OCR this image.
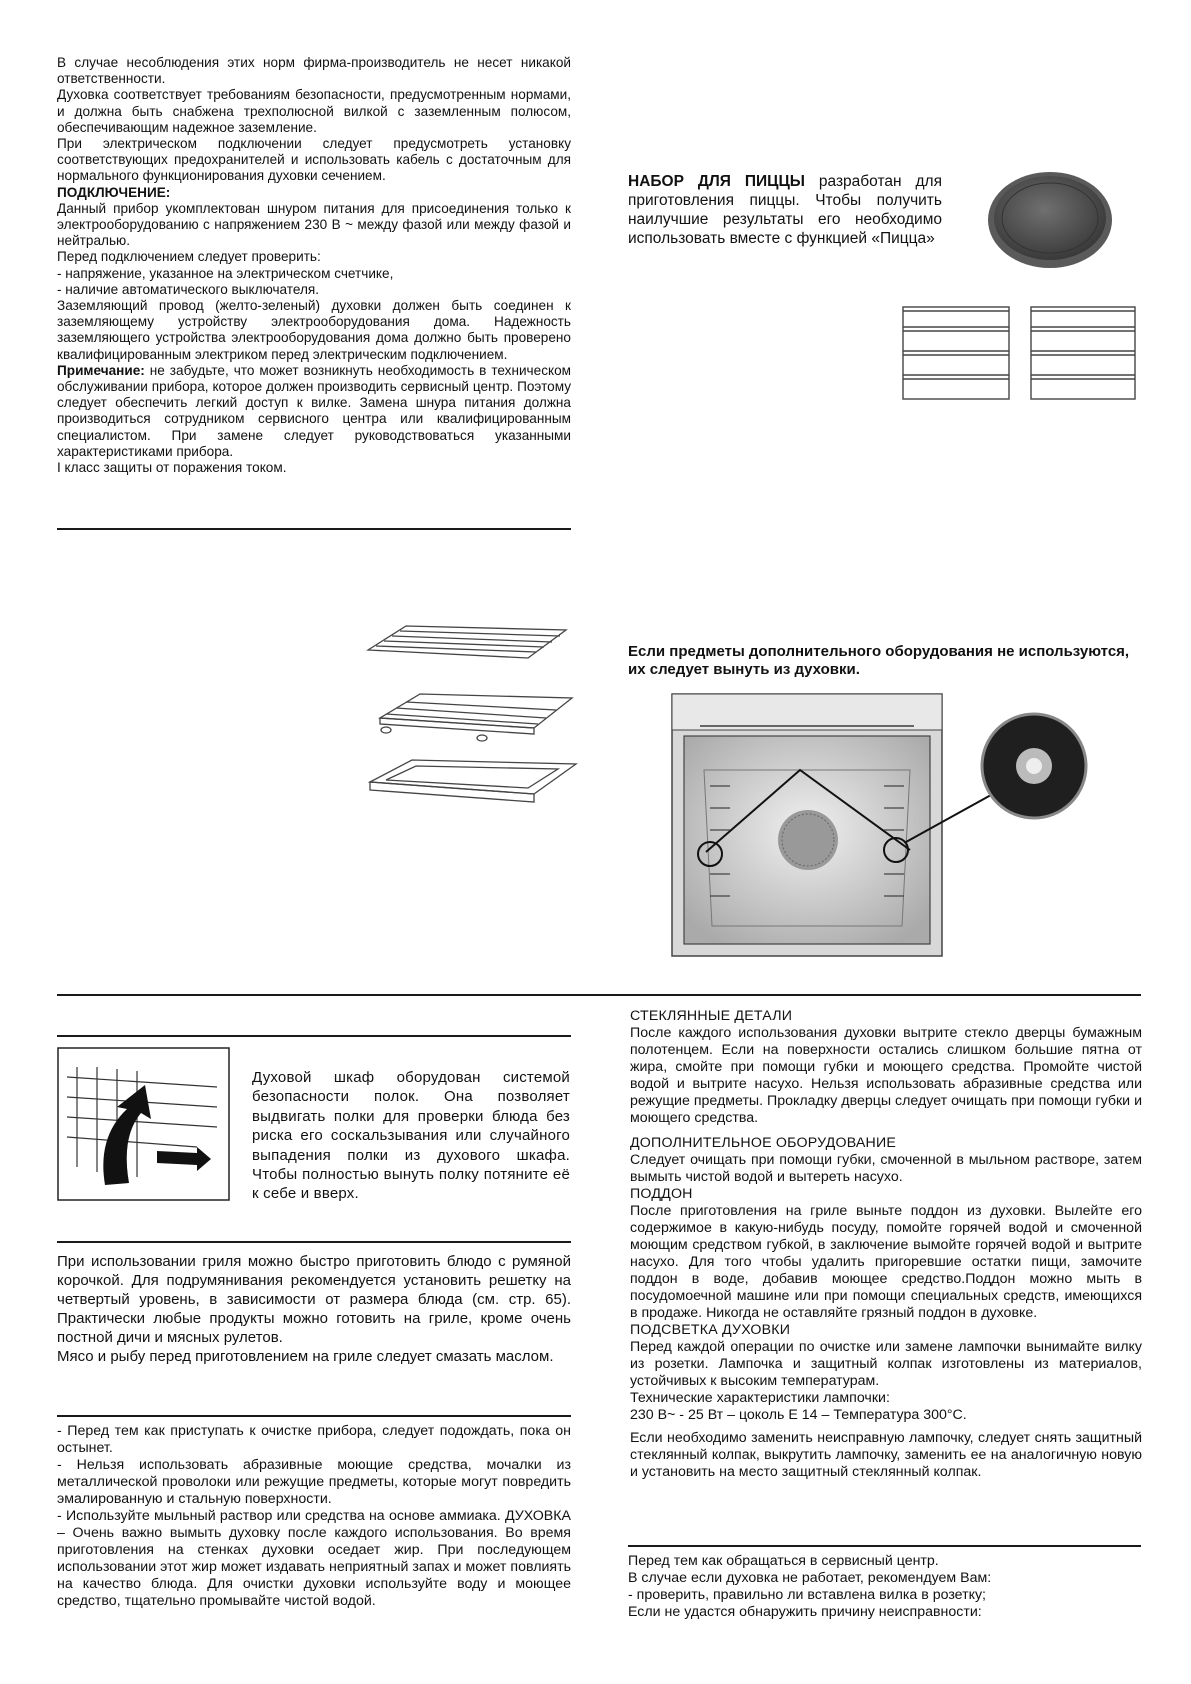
В случае несоблюдения этих норм фирма-производитель не несет никакой ответственности.

Духовка соответствует требованиям безопасности, предусмотренным нормами, и должна быть снабжена трехполюсной вилкой с заземленным полюсом, обеспечивающим надежное заземление.

При электрическом подключении следует предусмотреть установку соответствующих предохранителей и использовать кабель с достаточным для нормального функционирования духовки сечением.

ПОДКЛЮЧЕНИЕ:

Данный прибор укомплектован шнуром питания для присоединения только к электрооборудованию с напряжением 230 В ~ между фазой или между фазой и нейтралью.

Перед подключением следует проверить:

- напряжение, указанное на электрическом счетчике,

- наличие автоматического выключателя.

Заземляющий провод (желто-зеленый) духовки должен быть соединен к заземляющему устройству электрооборудования дома. Надежность заземляющего устройства электрооборудования дома должно быть проверено квалифицированным электриком перед электрическим подключением.

Примечание: не забудьте, что может возникнуть необходимость в техническом обслуживании прибора, которое должен производить сервисный центр. Поэтому следует обеспечить легкий доступ к вилке. Замена шнура питания должна производиться сотрудником сервисного центра или квалифицированным специалистом. При замене следует руководствоваться указанными характеристиками прибора.

I класс защиты от поражения током.

НАБОР ДЛЯ ПИЦЦЫ разработан для приготовления пиццы. Чтобы получить наилучшие результаты его необходимо использовать вместе с функцией «Пицца»

Если предметы дополнительного оборудования не используются, их следует вынуть из духовки.
Духовой шкаф оборудован системой безопасности полок. Она позволяет выдвигать полки для проверки блюда без риска его соскальзывания или случайного выпадения полки из духового шкафа. Чтобы полностью вынуть полку потяните её к себе и вверх.

При использовании гриля можно быстро приготовить блюдо с румяной корочкой. Для подрумянивания рекомендуется установить решетку на четвертый уровень, в зависимости от размера блюда (см. стр. 65). Практически любые продукты можно готовить на гриле, кроме очень постной дичи и мясных рулетов.

Мясо и рыбу перед приготовлением на гриле следует смазать маслом.

- Перед тем как приступать к очистке прибора, следует подождать, пока он остынет.

- Нельзя использовать абразивные моющие средства, мочалки из металлической проволоки или режущие предметы, которые могут повредить эмалированную и стальную поверхности.

- Используйте мыльный раствор или средства на основе аммиака. ДУХОВКА – Очень важно вымыть духовку после каждого использования. Во время приготовления на стенках духовки оседает жир. При последующем использовании этот жир может издавать неприятный запах и может повлиять на качество блюда. Для очистки духовки используйте воду и моющее средство, тщательно промывайте чистой водой.

СТЕКЛЯННЫЕ ДЕТАЛИ

После каждого использования духовки вытрите стекло дверцы бумажным полотенцем. Если на поверхности остались слишком большие пятна от жира, смойте при помощи губки и моющего средства. Промойте чистой водой и вытрите насухо. Нельзя использовать абразивные средства или режущие предметы. Прокладку дверцы следует очищать при помощи губки и моющего средства.

ДОПОЛНИТЕЛЬНОЕ ОБОРУДОВАНИЕ

Следует очищать при помощи губки, смоченной в мыльном растворе, затем вымыть чистой водой и вытереть насухо.

ПОДДОН

После приготовления на гриле выньте поддон из духовки. Вылейте его содержимое в какую-нибудь посуду, помойте горячей водой и смоченной моющим средством губкой, в заключение вымойте горячей водой и вытрите насухо. Для того чтобы удалить пригоревшие остатки пищи, замочите поддон в воде, добавив моющее средство.Поддон можно мыть в посудомоечной машине или при помощи специальных средств, имеющихся в продаже. Никогда не оставляйте грязный поддон в духовке.

ПОДСВЕТКА ДУХОВКИ

Перед каждой операции по очистке или замене лампочки вынимайте вилку из розетки. Лампочка и защитный колпак изготовлены из материалов, устойчивых к высоким температурам.

Технические характеристики лампочки:

230 В~ - 25 Вт – цоколь Е 14 – Температура 300°C.

Если необходимо заменить неисправную лампочку, следует снять защитный стеклянный колпак, выкрутить лампочку, заменить ее на аналогичную новую и установить на место защитный стеклянный колпак.

Перед тем как обращаться в сервисный центр.

В случае если духовка не работает, рекомендуем Вам:

- проверить, правильно ли вставлена вилка в розетку;

Если не удастся обнаружить причину неисправности:
